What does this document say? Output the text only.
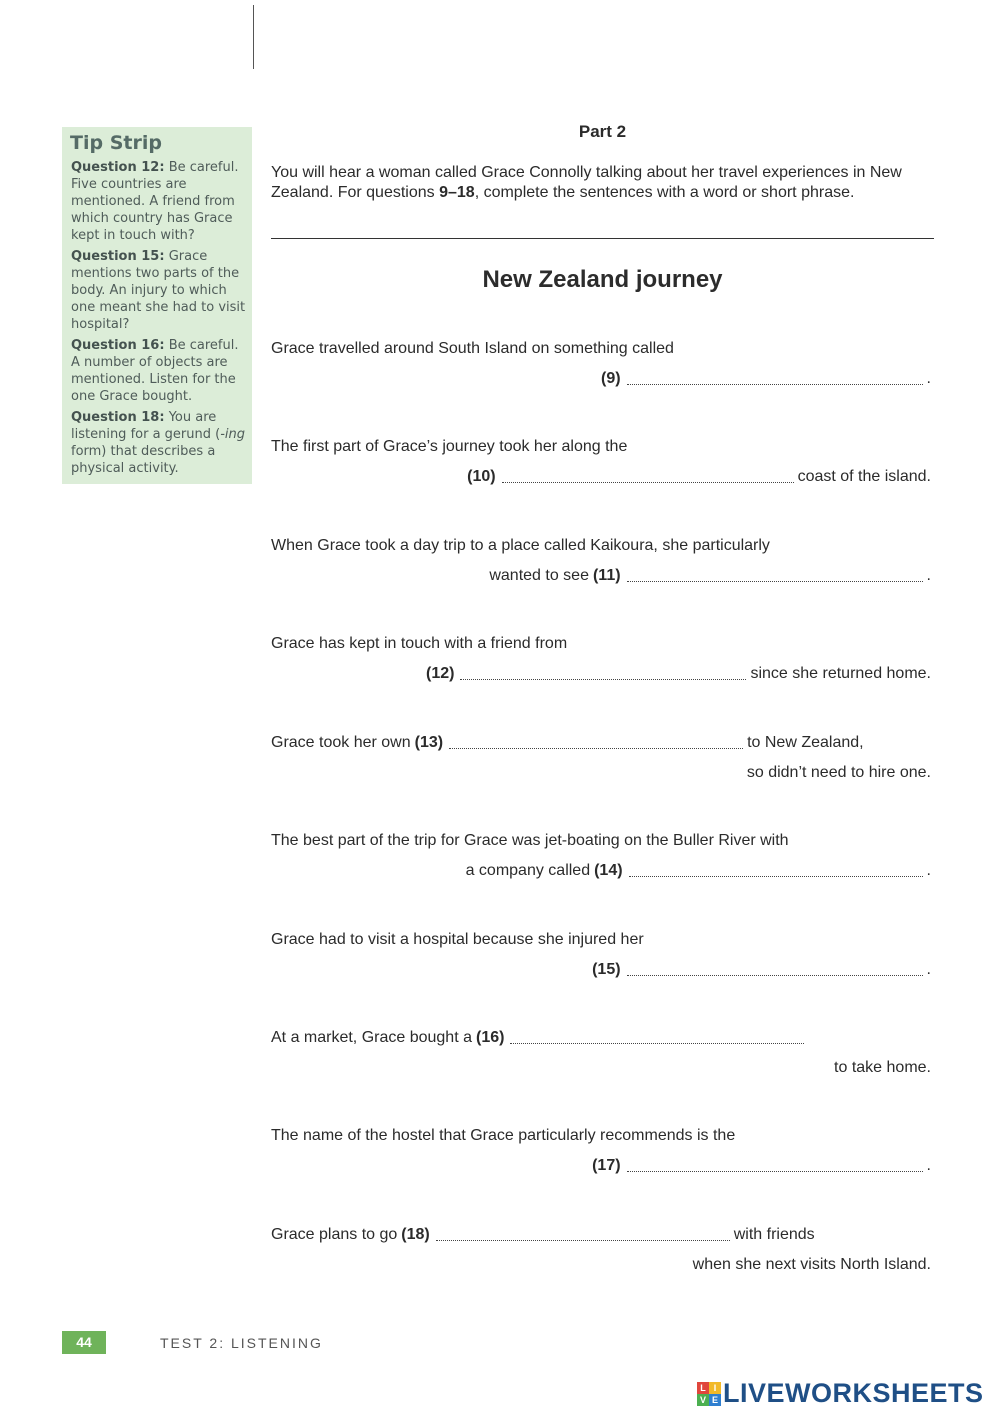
Tip Strip
Question 12: Be careful. Five countries are mentioned. A friend from which country has Grace kept in touch with?
Question 15: Grace mentions two parts of the body. An injury to which one meant she had to visit hospital?
Question 16: Be careful. A number of objects are mentioned. Listen for the one Grace bought.
Question 18: You are listening for a gerund (-ing form) that describes a physical activity.
Part 2
You will hear a woman called Grace Connolly talking about her travel experiences in New Zealand. For questions 9–18, complete the sentences with a word or short phrase.
New Zealand journey
Grace travelled around South Island on something called
(9)	.
The first part of Grace’s journey took her along the
(10)	coast of the island.
When Grace took a day trip to a place called Kaikoura, she particularly
wanted to see (11)	.
Grace has kept in touch with a friend from
(12)	since she returned home.
Grace took her own (13)	to New Zealand,
so didn’t need to hire one.
The best part of the trip for Grace was jet-boating on the Buller River with
a company called (14)	.
Grace had to visit a hospital because she injured her
(15)	.
At a market, Grace bought a (16)
to take home.
The name of the hostel that Grace particularly recommends is the
(17)	.
Grace plans to go (18)	with friends
when she next visits North Island.
44	TEST 2: LISTENING
L I
V E LIVEWORKSHEETS
